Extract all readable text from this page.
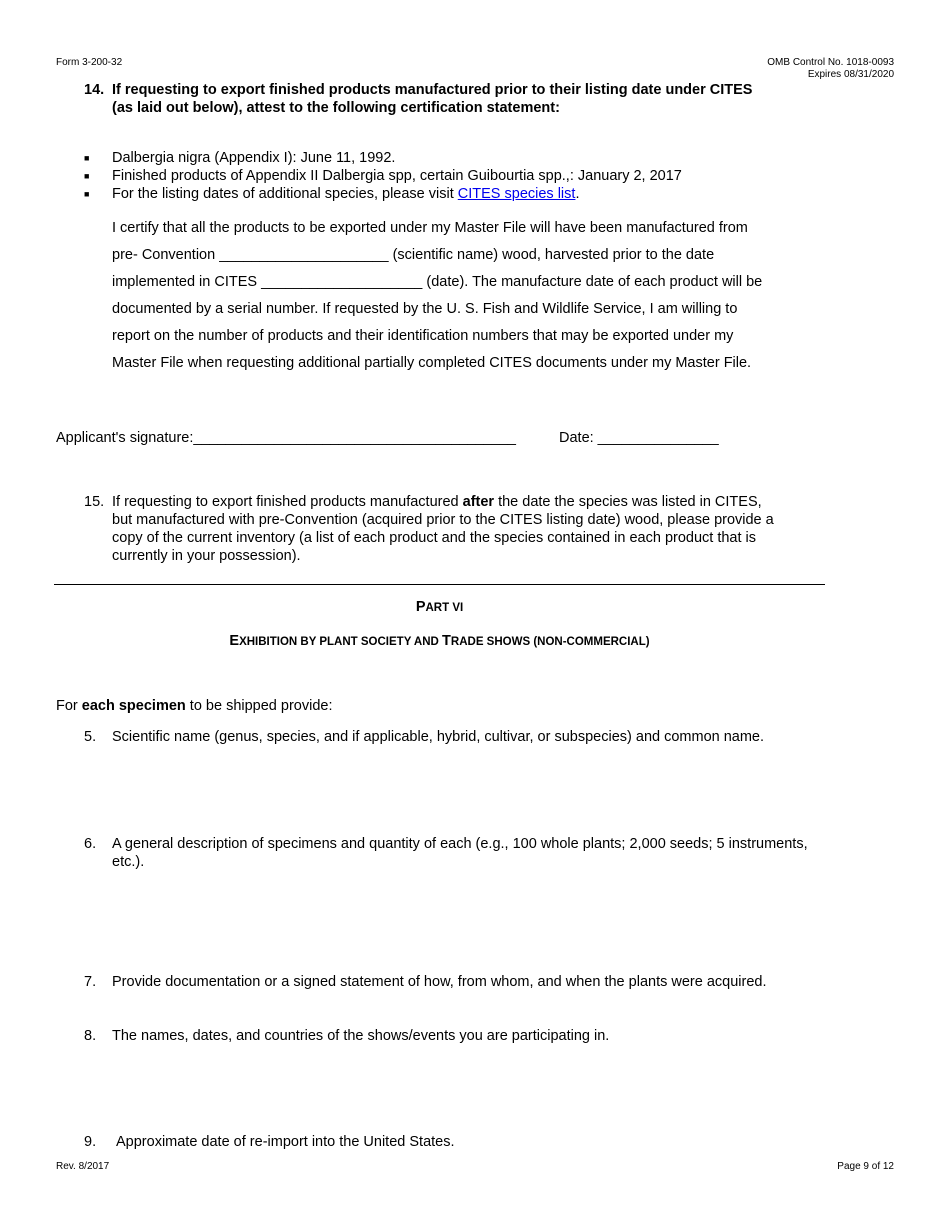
Form 3-200-32	OMB Control No. 1018-0093
Expires 08/31/2020
14. If requesting to export finished products manufactured prior to their listing date under CITES
(as laid out below), attest to the following certification statement:
■ Dalbergia nigra (Appendix I): June 11, 1992.
■ Finished products of Appendix II Dalbergia spp, certain Guibourtia spp.,: January 2, 2017
■ For the listing dates of additional species, please visit CITES species list.
I certify that all the products to be exported under my Master File will have been manufactured from
pre- Convention _____________________ (scientific name) wood, harvested prior to the date
implemented in CITES ____________________ (date). The manufacture date of each product will be
documented by a serial number. If requested by the U. S. Fish and Wildlife Service, I am willing to
report on the number of products and their identification numbers that may be exported under my
Master File when requesting additional partially completed CITES documents under my Master File.
Applicant's signature:________________________________________	Date: _______________
15. If requesting to export finished products manufactured after the date the species was listed in CITES,
but manufactured with pre-Convention (acquired prior to the CITES listing date) wood, please provide a
copy of the current inventory (a list of each product and the species contained in each product that is
currently in your possession).
PART VI
EXHIBITION BY PLANT SOCIETY AND TRADE SHOWS (NON-COMMERCIAL)
For each specimen to be shipped provide:
5.	Scientific name (genus, species, and if applicable, hybrid, cultivar, or subspecies) and common name.
6.	A general description of specimens and quantity of each (e.g., 100 whole plants; 2,000 seeds; 5 instruments,
etc.).
7.	Provide documentation or a signed statement of how, from whom, and when the plants were acquired.
8.	The names, dates, and countries of the shows/events you are participating in.
9.	Approximate date of re-import into the United States.
Rev. 8/2017	Page 9 of 12
